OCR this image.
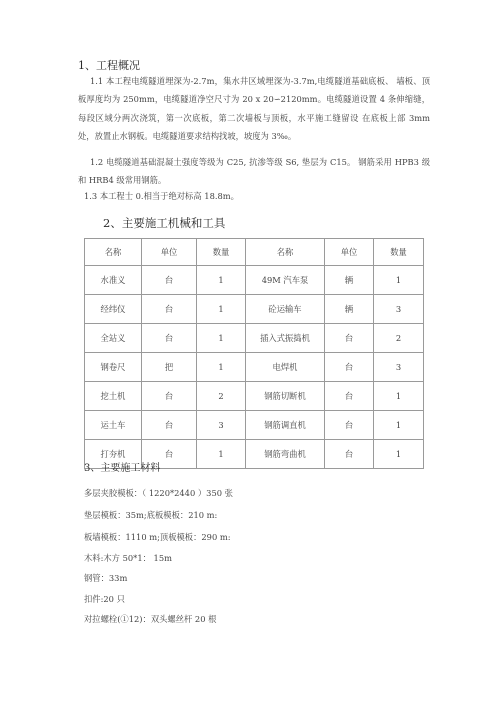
1、工程概况

1.1 本工程电缆隧道埋深为-2.7m，集水井区域埋深为-3.7m,电缆隧道基础底板、 墙板、顶板厚度均为 250mm，电缆隧道净空尺寸为 20 x 20∽2120mm。电缆隧道设置 4 条伸缩缝，每段区域分两次浇筑，第一次底板，第二次墙板与顶板，水平施工缝留设 在底板上部 3mm 处，放置止水钢板。电缆隧道要求结构找坡，坡度为 3‰。

1.2 电缆隧道基础混凝土强度等级为 C25, 抗渗等级 S6, 垫层为 C15。 钢筋采用 HPB3 级和 HRB4 级常用钢筋。

1.3 本工程士 0.相当于绝对标高 18.8m。

2、主要施工机械和工具
名称	单位	数量	名称	单位	数量
水准义	台	1	49M 汽车泵	辆	1
经纬仪	台	1	砼运输车	辆	3
全站义	台	1	插入式振捣机	台	2
钢卷尺	把	1	电焊机	台	3
挖土机	台	2	钢筋切断机	台	1
运土车	台	3	钢筋调直机	台	1
打夯机	台	1	钢筋弯曲机	台	1
3、主要施工材料

多层夹胶模板：（ 1220*2440 ）350 张

垫层模板：35m;底板模板：210 m:

板墙模板：1110 m;顶板模板：290 m:

木料:木方 50*1： 15m

钢管：33m

扣件:20 只

对拉螺栓(①12)：双头螺丝杆 20 根
